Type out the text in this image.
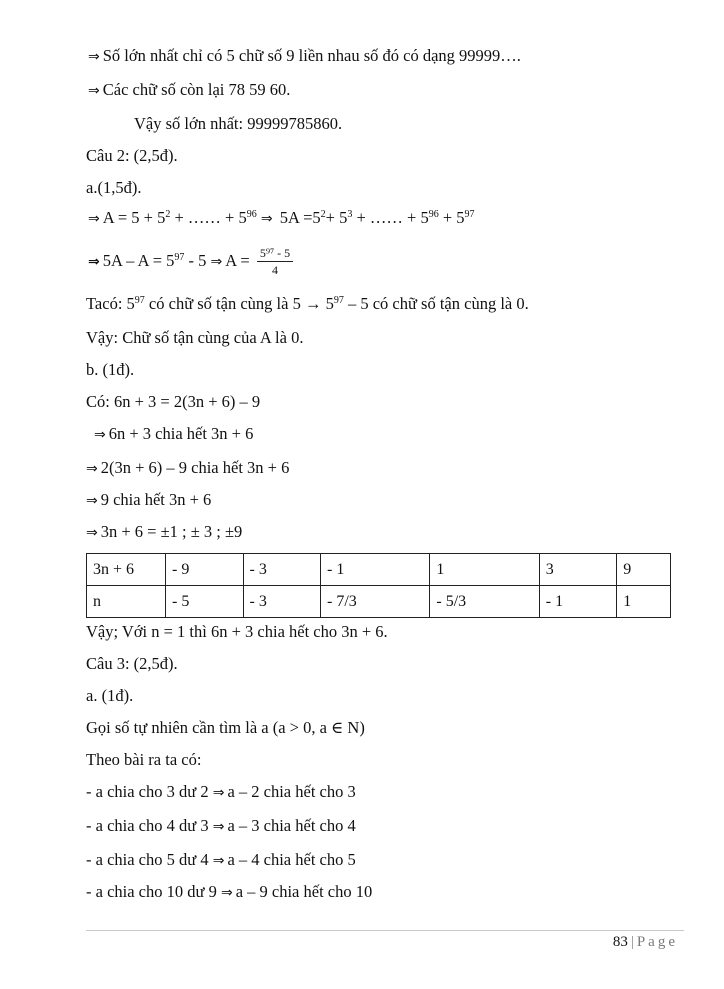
⇒ Số lớn nhất chỉ có 5 chữ số 9 liền nhau số đó có dạng 99999….
⇒ Các chữ số còn lại 78 59 60.
Vậy số lớn nhất: 99999785860.
Câu 2: (2,5đ).
a.(1,5đ).
⇒ $A = 5 + 5^2$ + …… + $5^{96}$ ⇒ $5A =5^2+ 5^3$ + …… + $5^{96} + 5^{97}$
⇒ $5A - A = 5^{97} - 5$ ⇒ $A = \frac{\text{5⁹⁷ - 5}}{4}$
Tacó: $5^{97}$ có chữ số tận cùng là $5 \to 5^{97} - 5$ có chữ số tận cùng là 0.
Vậy: Chữ số tận cùng của A là 0.
b. (1đ).
Có: 6n + 3 = 2(3n + 6) – 9
⇒ 6n + 3 chia hết 3n + 6
⇒ 2(3n + 6) – 9 chia hết 3n + 6
⇒ 9 chia hết 3n + 6
⇒ 3n + 6 = ±1 ; ± 3 ; ±9
3n + 6	- 9	- 3	- 1	1	3	9
n	- 5	- 3	- 7/3	- 5/3	- 1	1
Vậy; Với n = 1 thì 6n + 3 chia hết cho 3n + 6.
Câu 3: (2,5đ).
a. (1đ).
Gọi số tự nhiên cần tìm là a (a > 0, a ∈ N)
Theo bài ra ta có:
- a chia cho 3 dư 2 ⇒ a – 2 chia hết cho 3
- a chia cho 4 dư 3 ⇒ a – 3 chia hết cho 4
- a chia cho 5 dư 4 ⇒ a – 4 chia hết cho 5
- a chia cho 10 dư 9 ⇒ a – 9 chia hết cho 10
83 | Page
